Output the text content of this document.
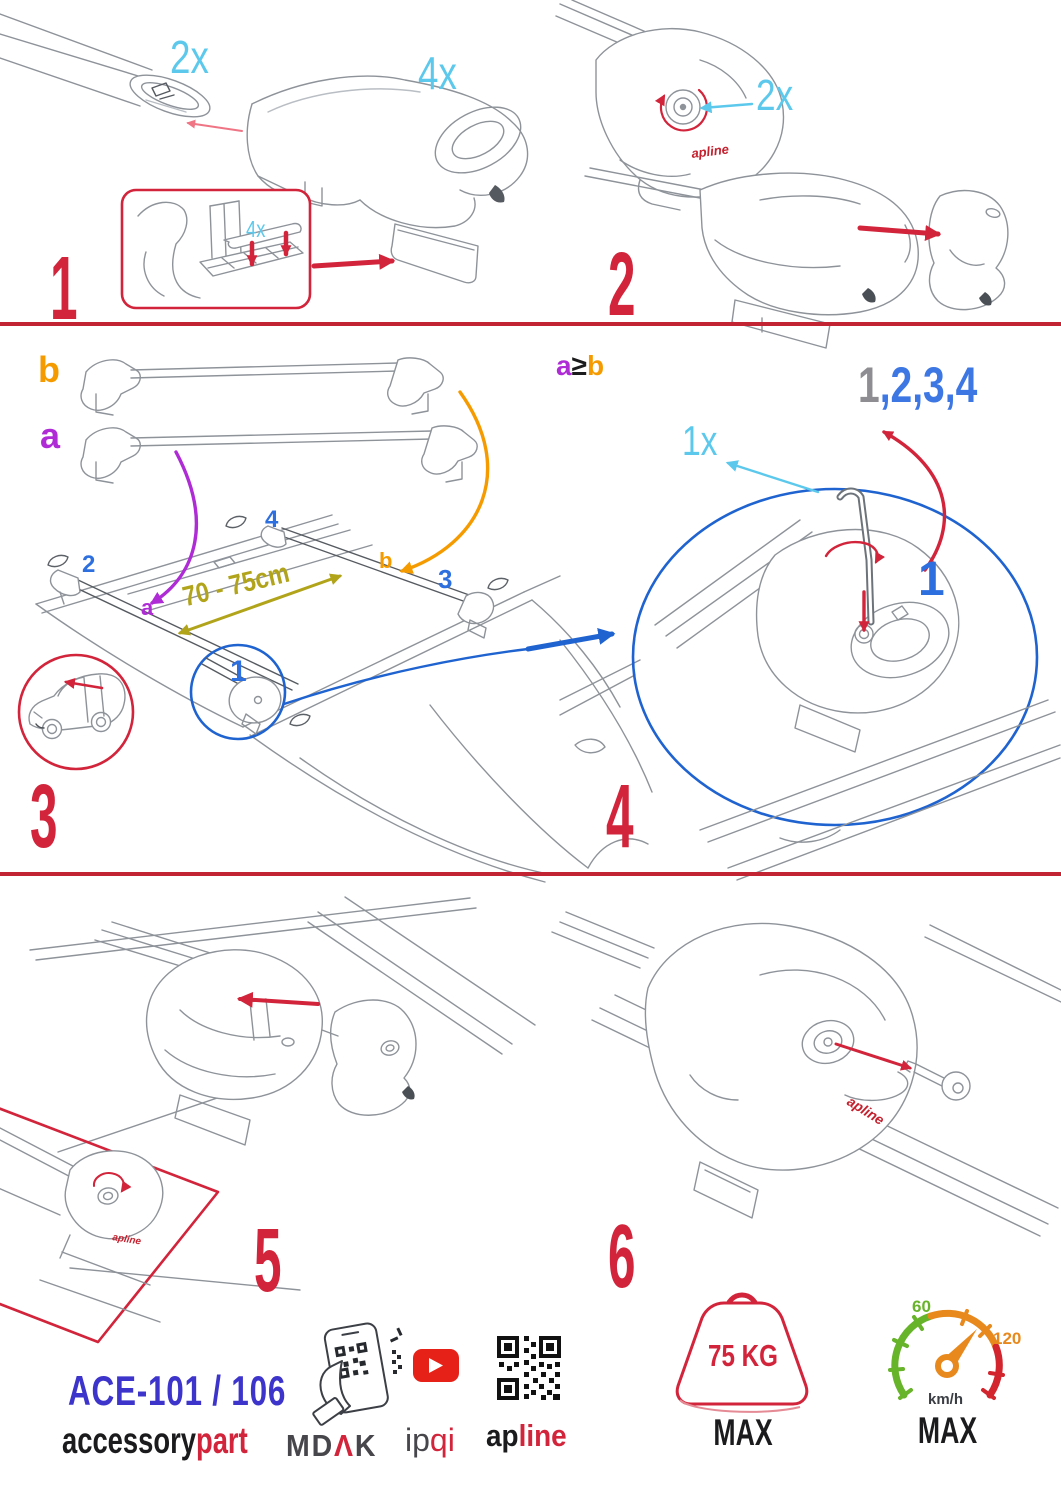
apline
apline
apline
2x	4x
4x
1
2x
2
b
a
2
4
3
b
a 70 - 75cm
1
3
a≥b	1,2,3,4
1x
1
4
5	6
ACE-101 / 106
accessorypart MDΛK ipqi apline
75 KG
MAX
60
120
km/h
MAX
